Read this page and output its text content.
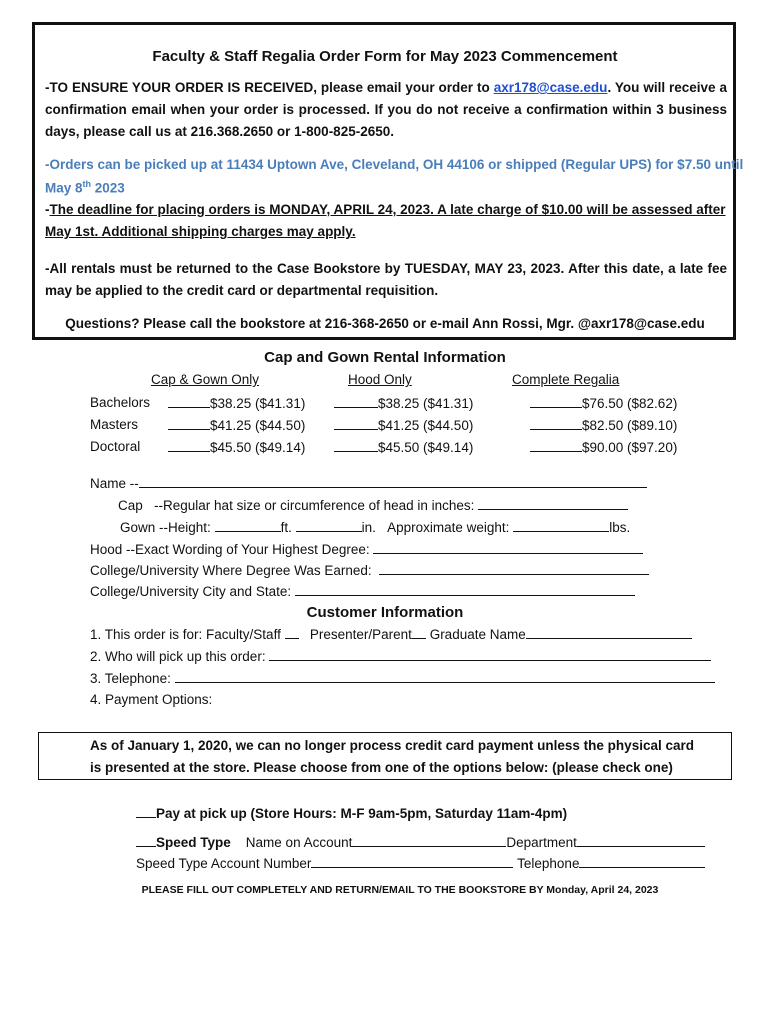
Faculty & Staff Regalia Order Form for May 2023 Commencement
-TO ENSURE YOUR ORDER IS RECEIVED, please email your order to axr178@case.edu. You will receive a confirmation email when your order is processed. If you do not receive a confirmation within 3 business days, please call us at 216.368.2650 or 1-800-825-2650.
-Orders can be picked up at 11434 Uptown Ave, Cleveland, OH 44106 or shipped (Regular UPS) for $7.50 until
May 8th 2023
-The deadline for placing orders is MONDAY, APRIL 24, 2023. A late charge of $10.00 will be assessed after
May 1st. Additional shipping charges may apply.
-All rentals must be returned to the Case Bookstore by TUESDAY, MAY 23, 2023. After this date, a late fee may be applied to the credit card or departmental requisition.
Questions? Please call the bookstore at 216-368-2650 or e-mail Ann Rossi, Mgr. @axr178@case.edu
Cap and Gown Rental Information
Cap & Gown Only	Hood Only	Complete Regalia
Bachelors	$38.25 ($41.31)	$38.25 ($41.31)	$76.50 ($82.62)
Masters	$41.25 ($44.50)	$41.25 ($44.50)	$82.50 ($89.10)
Doctoral	$45.50 ($49.14)	$45.50 ($49.14)	$90.00 ($97.20)
Name --
Cap --Regular hat size or circumference of head in inches:
Gown --Height:	ft.	in. Approximate weight:	lbs.
Hood --Exact Wording of Your Highest Degree:
College/University Where Degree Was Earned:
College/University City and State:
Customer Information
1. This order is for: Faculty/Staff Presenter/Parent Graduate Name
2. Who will pick up this order:
3. Telephone:
4. Payment Options:
As of January 1, 2020, we can no longer process credit card payment unless the physical card
is presented at the store. Please choose from one of the options below: (please check one)
Pay at pick up (Store Hours: M-F 9am-5pm, Saturday 11am-4pm)
Speed Type Name on Account	Department
Speed Type Account Number	Telephone
PLEASE FILL OUT COMPLETELY AND RETURN/EMAIL TO THE BOOKSTORE BY Monday, April 24, 2023
